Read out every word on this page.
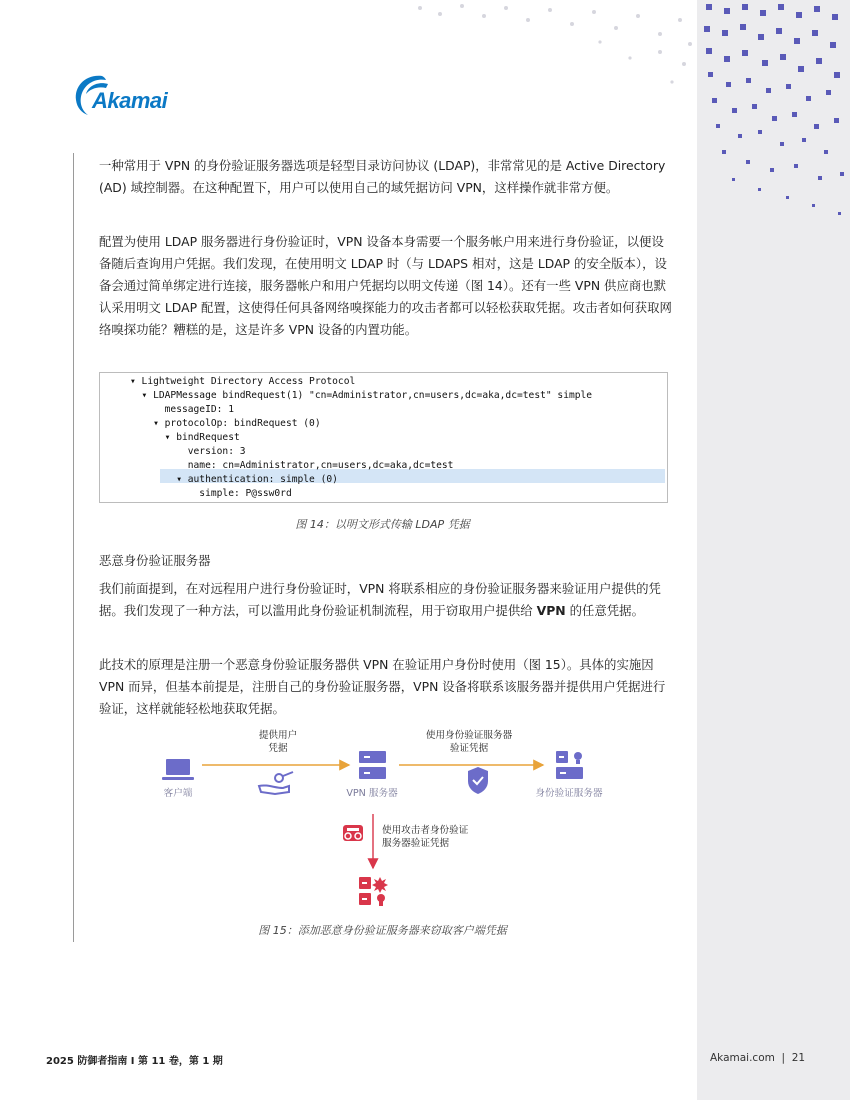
Akamai
一种常用于 VPN 的身份验证服务器选项是轻型目录访问协议 (LDAP)，非常常见的是 Active Directory (AD) 域控制器。在这种配置下，用户可以使用自己的域凭据访问 VPN，这样操作就非常方便。
配置为使用 LDAP 服务器进行身份验证时，VPN 设备本身需要一个服务帐户用来进行身份验证，以便设备随后查询用户凭据。我们发现，在使用明文 LDAP 时（与 LDAPS 相对，这是 LDAP 的安全版本），设备会通过简单绑定进行连接，服务器帐户和用户凭据均以明文传递（图 14）。还有一些 VPN 供应商也默认采用明文 LDAP 配置，这使得任何具备网络嗅探能力的攻击者都可以轻松获取凭据。攻击者如何获取网络嗅探功能？糟糕的是，这是许多 VPN 设备的内置功能。
▾ Lightweight Directory Access Protocol
▾ LDAPMessage bindRequest(1) "cn=Administrator,cn=users,dc=aka,dc=test" simple
messageID: 1
▾ protocolOp: bindRequest (0)
▾ bindRequest
version: 3
name: cn=Administrator,cn=users,dc=aka,dc=test
▾ authentication: simple (0)
simple: P@ssw0rd
图 14：以明文形式传输 LDAP 凭据
恶意身份验证服务器
我们前面提到，在对远程用户进行身份验证时，VPN 将联系相应的身份验证服务器来验证用户提供的凭据。我们发现了一种方法，可以滥用此身份验证机制流程，用于窃取用户提供给 VPN 的任意凭据。
此技术的原理是注册一个恶意身份验证服务器供 VPN 在验证用户身份时使用（图 15）。具体的实施因 VPN 而异，但基本前提是，注册自己的身份验证服务器，VPN 设备将联系该服务器并提供用户凭据进行验证，这样就能轻松地获取凭据。
提供用户
凭据
使用身份验证服务器
验证凭据
使用攻击者身份验证
服务器验证凭据
客户端	VPN 服务器	身份验证服务器
图 15：添加恶意身份验证服务器来窃取客户端凭据
2025 防御者指南 I 第 11 卷，第 1 期	Akamai.com  |  21
